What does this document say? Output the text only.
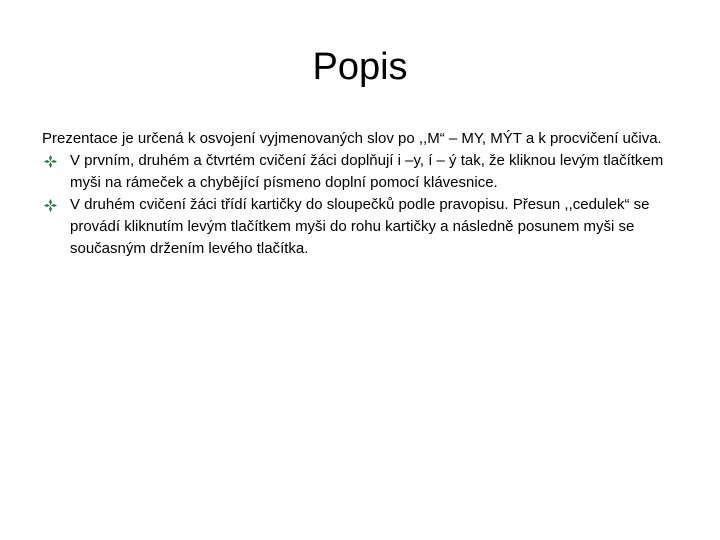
Popis

Prezentace je určená k osvojení vyjmenovaných slov po ,,M“ – MY, MÝT a k procvičení učiva.

V prvním, druhém a čtvrtém cvičení žáci doplňují i –y, í – ý tak, že kliknou levým tlačítkem myši na rámeček a chybějící písmeno doplní pomocí klávesnice.
V druhém cvičení žáci třídí kartičky do sloupečků podle pravopisu. Přesun ,,cedulek“ se provádí kliknutím levým tlačítkem myši do rohu kartičky a následně posunem myši se současným držením levého tlačítka.
